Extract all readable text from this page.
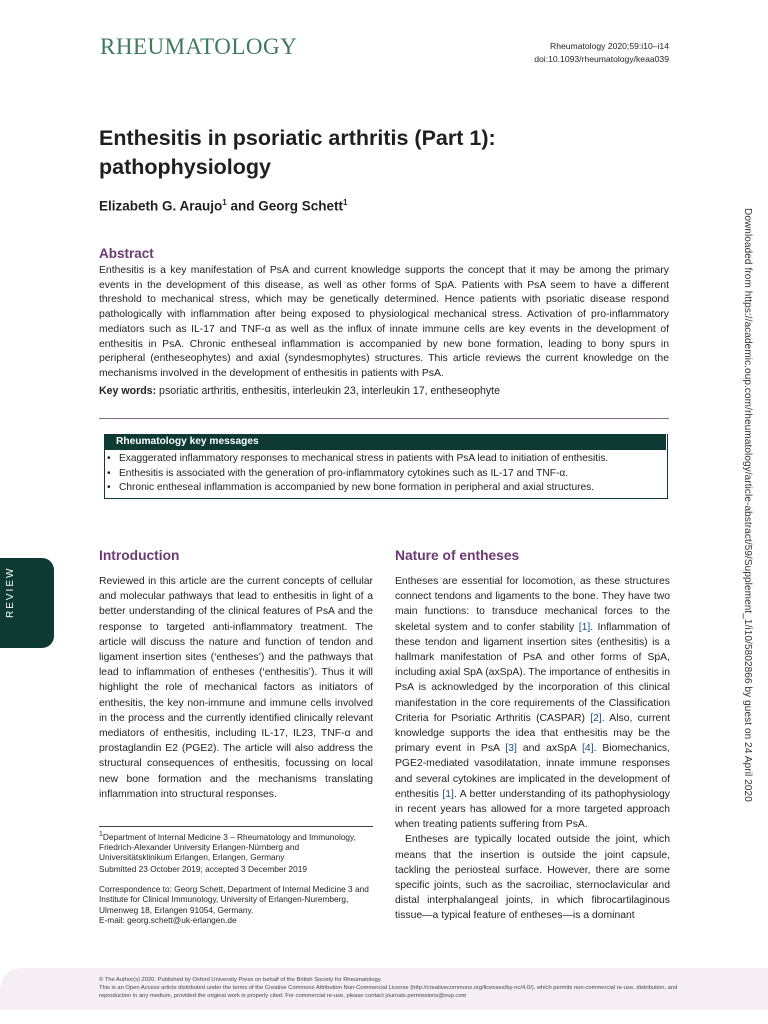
RHEUMATOLOGY	Rheumatology 2020;59:i10–i14
doi:10.1093/rheumatology/keaa039
Enthesitis in psoriatic arthritis (Part 1): pathophysiology
Elizabeth G. Araujo$^1$ and Georg Schett$^1$
Abstract
Enthesitis is a key manifestation of PsA and current knowledge supports the concept that it may be among the primary events in the development of this disease, as well as other forms of SpA. Patients with PsA seem to have a different threshold to mechanical stress, which may be genetically determined. Hence patients with psoriatic disease respond pathologically with inflammation after being exposed to physiological mechanical stress. Activation of pro-inflammatory mediators such as IL-17 and TNF-α as well as the influx of innate immune cells are key events in the development of enthesitis in PsA. Chronic entheseal inflammation is accompanied by new bone formation, leading to bony spurs in peripheral (entheseophytes) and axial (syndesmophytes) structures. This article reviews the current knowledge on the mechanisms involved in the development of enthesitis in patients with PsA.
Key words: psoriatic arthritis, enthesitis, interleukin 23, interleukin 17, entheseophyte
Rheumatology key messages
• Exaggerated inflammatory responses to mechanical stress in patients with PsA lead to initiation of enthesitis.
• Enthesitis is associated with the generation of pro-inflammatory cytokines such as IL-17 and TNF-α.
• Chronic entheseal inflammation is accompanied by new bone formation in peripheral and axial structures.
REVIEW
Introduction
Reviewed in this article are the current concepts of cellular and molecular pathways that lead to enthesitis in light of a better understanding of the clinical features of PsA and the response to targeted anti-inflammatory treatment. The article will discuss the nature and function of tendon and ligament insertion sites (‘entheses’) and the pathways that lead to inflammation of entheses (‘enthesitis’). Thus it will highlight the role of mechanical factors as initiators of enthesitis, the key non-immune and immune cells involved in the process and the currently identified clinically relevant mediators of enthesitis, including IL-17, IL23, TNF-α and prostaglandin E2 (PGE2). The article will also address the structural consequences of enthesitis, focussing on local new bone formation and the mechanisms translating inflammation into structural responses.
$^1$Department of Internal Medicine 3 – Rheumatology and Immunology, Friedrich-Alexander University Erlangen-Nürnberg and Universitätsklinikum Erlangen, Erlangen, Germany
Submitted 23 October 2019; accepted 3 December 2019
Correspondence to: Georg Schett, Department of Internal Medicine 3 and Institute for Clinical Immunology, University of Erlangen-Nuremberg, Ulmenweg 18, Erlangen 91054, Germany.
E-mail: georg.schett@uk-erlangen.de
Nature of entheses
Entheses are essential for locomotion, as these structures connect tendons and ligaments to the bone. They have two main functions: to transduce mechanical forces to the skeletal system and to confer stability [1]. Inflammation of these tendon and ligament insertion sites (enthesitis) is a hallmark manifestation of PsA and other forms of SpA, including axial SpA (axSpA). The importance of enthesitis in PsA is acknowledged by the incorporation of this clinical manifestation in the core requirements of the Classification Criteria for Psoriatic Arthritis (CASPAR) [2]. Also, current knowledge supports the idea that enthesitis may be the primary event in PsA [3] and axSpA [4]. Biomechanics, PGE2-mediated vasodilatation, innate immune responses and several cytokines are implicated in the development of enthesitis [1]. A better understanding of its pathophysiology in recent years has allowed for a more targeted approach when treating patients suffering from PsA.
Entheses are typically located outside the joint, which means that the insertion is outside the joint capsule, tackling the periosteal surface. However, there are some specific joints, such as the sacroiliac, sternoclavicular and distal interphalangeal joints, in which fibrocartilaginous tissue—a typical feature of entheses—is a dominant
Downloaded from https://academic.oup.com/rheumatology/article-abstract/59/Supplement_1/i10/5802866 by guest on 24 April 2020
© The Author(s) 2020. Published by Oxford University Press on behalf of the British Society for Rheumatology.
This is an Open Access article distributed under the terms of the Creative Commons Attribution Non-Commercial License (http://creativecommons.org/licenses/by-nc/4.0/), which permits non-commercial re-use, distribution, and reproduction in any medium, provided the original work is properly cited. For commercial re-use, please contact journals.permissions@oup.com
